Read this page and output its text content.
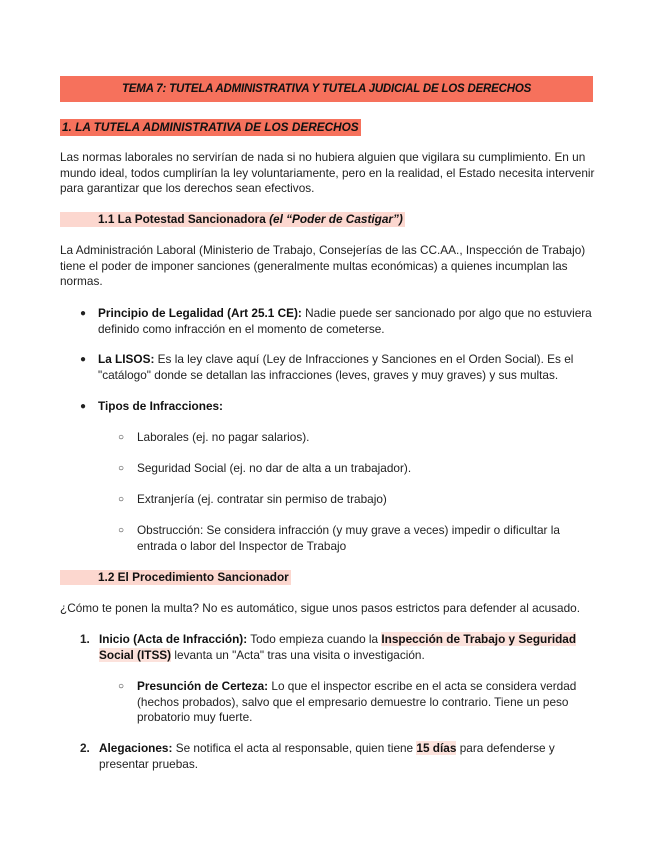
TEMA 7: TUTELA ADMINISTRATIVA Y TUTELA JUDICIAL DE LOS DERECHOS
1. LA TUTELA ADMINISTRATIVA DE LOS DERECHOS
Las normas laborales no servirían de nada si no hubiera alguien que vigilara su cumplimiento. En un
mundo ideal, todos cumplirían la ley voluntariamente, pero en la realidad, el Estado necesita intervenir
para garantizar que los derechos sean efectivos.
1.1 La Potestad Sancionadora (el “Poder de Castigar”)
La Administración Laboral (Ministerio de Trabajo, Consejerías de las CC.AA., Inspección de Trabajo)
tiene el poder de imponer sanciones (generalmente multas económicas) a quienes incumplan las
normas.
●	Principio de Legalidad (Art 25.1 CE): Nadie puede ser sancionado por algo que no estuviera
definido como infracción en el momento de cometerse.
●	La LISOS: Es la ley clave aquí (Ley de Infracciones y Sanciones en el Orden Social). Es el
"catálogo" donde se detallan las infracciones (leves, graves y muy graves) y sus multas.
●	Tipos de Infracciones:
○ Laborales (ej. no pagar salarios).
○ Seguridad Social (ej. no dar de alta a un trabajador).
○ Extranjería (ej. contratar sin permiso de trabajo)
○ Obstrucción: Se considera infracción (y muy grave a veces) impedir o dificultar la
entrada o labor del Inspector de Trabajo
1.2 El Procedimiento Sancionador
¿Cómo te ponen la multa? No es automático, sigue unos pasos estrictos para defender al acusado.
1. Inicio (Acta de Infracción): Todo empieza cuando la Inspección de Trabajo y Seguridad
Social (ITSS) levanta un "Acta" tras una visita o investigación.
○ Presunción de Certeza: Lo que el inspector escribe en el acta se considera verdad
(hechos probados), salvo que el empresario demuestre lo contrario. Tiene un peso
probatorio muy fuerte.
2. Alegaciones: Se notifica el acta al responsable, quien tiene 15 días para defenderse y
presentar pruebas.
